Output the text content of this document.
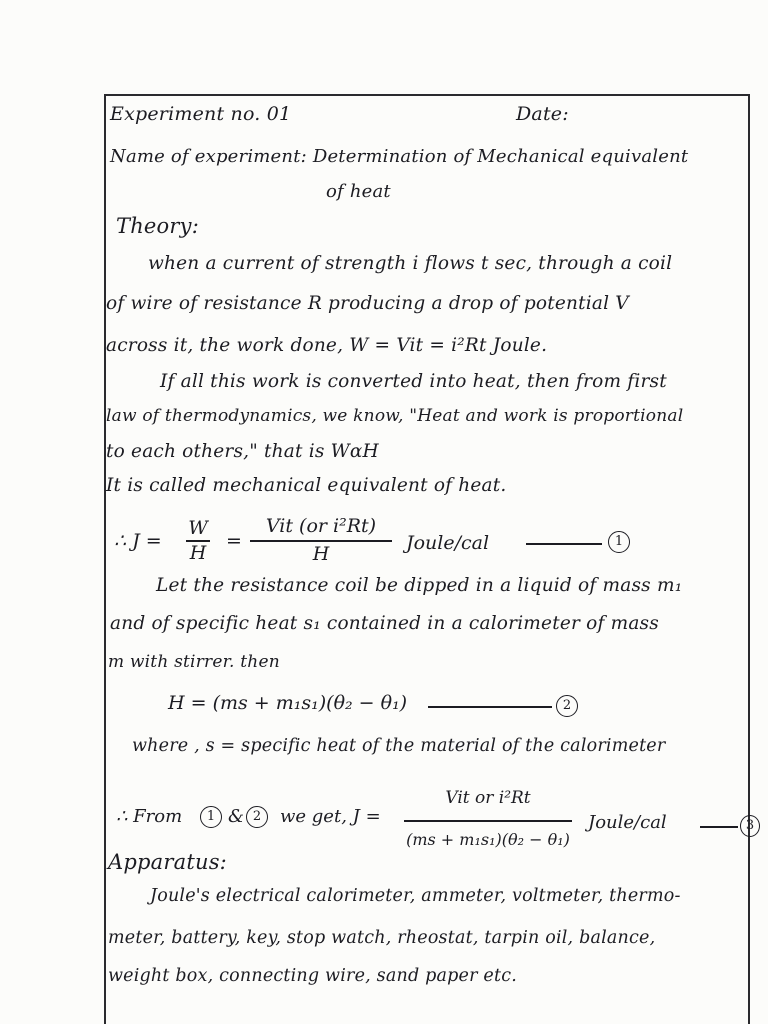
Experiment no. 01	Date:
Name of experiment: Determination of Mechanical equivalent
of heat
Theory:
when a current of strength i flows t sec, through a coil
of wire of resistance R producing a drop of potential V
across it, the work done, W = Vit = i²Rt Joule.
If all this work is converted into heat, then from first
law of thermodynamics, we know, "Heat and work is proportional
to each others," that is WαH
It is called mechanical equivalent of heat.
∴ J =
W
H
=
Vit (or i²Rt)
H	Joule/cal	1
Let the resistance coil be dipped in a liquid of mass m₁
and of specific heat s₁ contained in a calorimeter of mass
m with stirrer. then
H = (ms + m₁s₁)(θ₂ − θ₁)	2
where , s = specific heat of the material of the calorimeter
∴ From	1 & 2	we get, J =
Vit or i²Rt
(ms + m₁s₁)(θ₂ − θ₁)
Joule/cal	3
Apparatus:
Joule's electrical calorimeter, ammeter, voltmeter, thermo-
meter, battery, key, stop watch, rheostat, tarpin oil, balance,
weight box, connecting wire, sand paper etc.
